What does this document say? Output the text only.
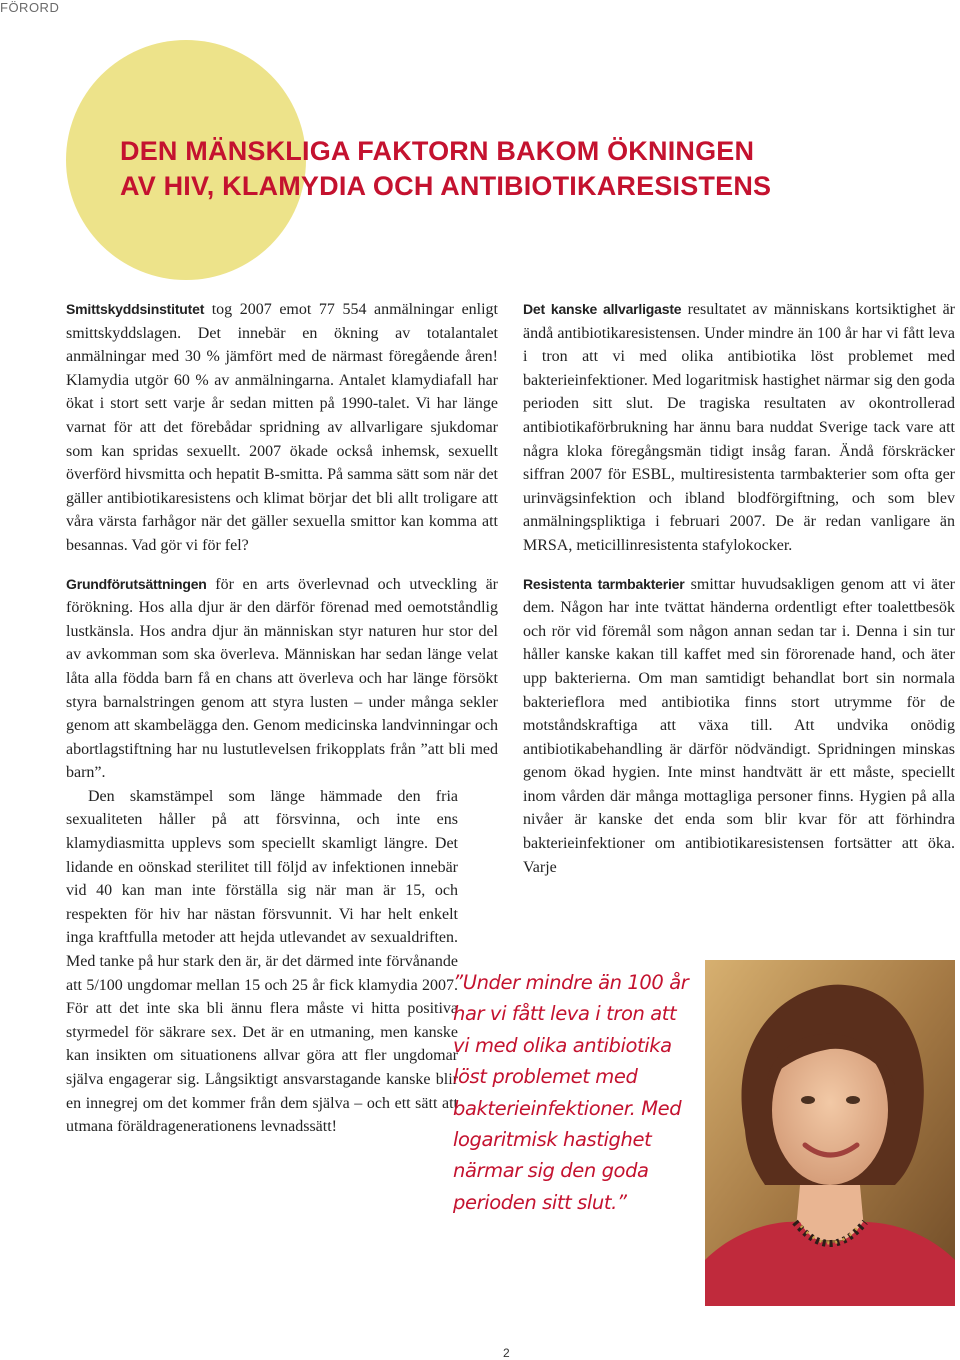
FÖRORD
DEN MÄNSKLIGA FAKTORN BAKOM ÖKNINGEN
AV HIV, KLAMYDIA OCH ANTIBIOTIKARESISTENS

Smittskyddsinstitutet tog 2007 emot 77 554 anmälningar enligt smittskyddslagen. Det innebär en ökning av totalantalet anmälningar med 30 % jämfört med de närmast föregående åren! Klamydia utgör 60 % av anmälningarna. Antalet klamydiafall har ökat i stort sett varje år sedan mitten på 1990-talet. Vi har länge varnat för att det förebådar spridning av allvarligare sjukdomar som kan spridas sexuellt. 2007 ökade också inhemsk, sexuellt överförd hivsmitta och hepatit B-smitta. På samma sätt som när det gäller antibiotikaresistens och klimat börjar det bli allt troligare att våra värsta farhågor när det gäller sexuella smittor kan komma att besannas. Vad gör vi för fel?

Grundförutsättningen för en arts överlevnad och utveckling är förökning. Hos alla djur är den därför förenad med oemotståndlig lustkänsla. Hos andra djur än människan styr naturen hur stor del av avkomman som ska överleva. Människan har sedan länge velat låta alla födda barn få en chans att överleva och har länge försökt styra barnalstringen genom att styra lusten – under många sekler genom att skambelägga den. Genom medicinska landvinningar och abortlagstiftning har nu lustutlevelsen frikopplats från ”att bli med barn”.

Den skamstämpel som länge hämmade den fria sexualiteten håller på att försvinna, och inte ens klamydiasmitta upplevs som speciellt skamligt längre. Det lidande en oönskad sterilitet till följd av infektionen innebär vid 40 kan man inte förställa sig när man är 15, och respekten för hiv har nästan försvunnit. Vi har helt enkelt inga kraftfulla metoder att hejda utlevandet av sexualdriften. Med tanke på hur stark den är, är det därmed inte förvånande att 5/100 ungdomar mellan 15 och 25 år fick klamydia 2007. För att det inte ska bli ännu flera måste vi hitta positiva styrmedel för säkrare sex. Det är en utmaning, men kanske kan insikten om situationens allvar göra att fler ungdomar själva engagerar sig. Långsiktigt ansvarstagande kanske blir en innegrej om det kommer från dem själva – och ett sätt att utmana föräldragenerationens levnadssätt!

Det kanske allvarligaste resultatet av människans kortsiktighet är ändå antibiotikaresistensen. Under mindre än 100 år har vi fått leva i tron att vi med olika antibiotika löst problemet med bakterieinfektioner. Med logaritmisk hastighet närmar sig den goda perioden sitt slut. De tragiska resultaten av okontrollerad antibiotikaförbrukning har ännu bara nuddat Sverige tack vare att några kloka föregångsmän tidigt insåg faran. Ändå förskräcker siffran 2007 för ESBL, multiresistenta tarmbakterier som ofta ger urinvägsinfektion och ibland blodförgiftning, och som blev anmälningspliktiga i februari 2007. De är redan vanligare än MRSA, meticillinresistenta stafylokocker.

Resistenta tarmbakterier smittar huvudsakligen genom att vi äter dem. Någon har inte tvättat händerna ordentligt efter toalettbesök och rör vid föremål som någon annan sedan tar i. Denna i sin tur håller kanske kakan till kaffet med sin förorenade hand, och äter upp bakterierna. Om man samtidigt behandlat bort sin normala bakterieflora med antibiotika finns stort utrymme för de motståndskraftiga att växa till. Att undvika onödig antibiotikabehandling är därför nödvändigt. Spridningen minskas genom ökad hygien. Inte minst handtvätt är ett måste, speciellt inom vården där många mottagliga personer finns. Hygien på alla nivåer är kanske det enda som blir kvar för att förhindra bakterieinfektioner om antibiotikaresistensen fortsätter att öka. Varje

”Under mindre än 100 år har vi fått leva i tron att vi med olika antibiotika löst problemet med bakterieinfektioner. Med logaritmisk hastighet närmar sig den goda perioden sitt slut.”

2
